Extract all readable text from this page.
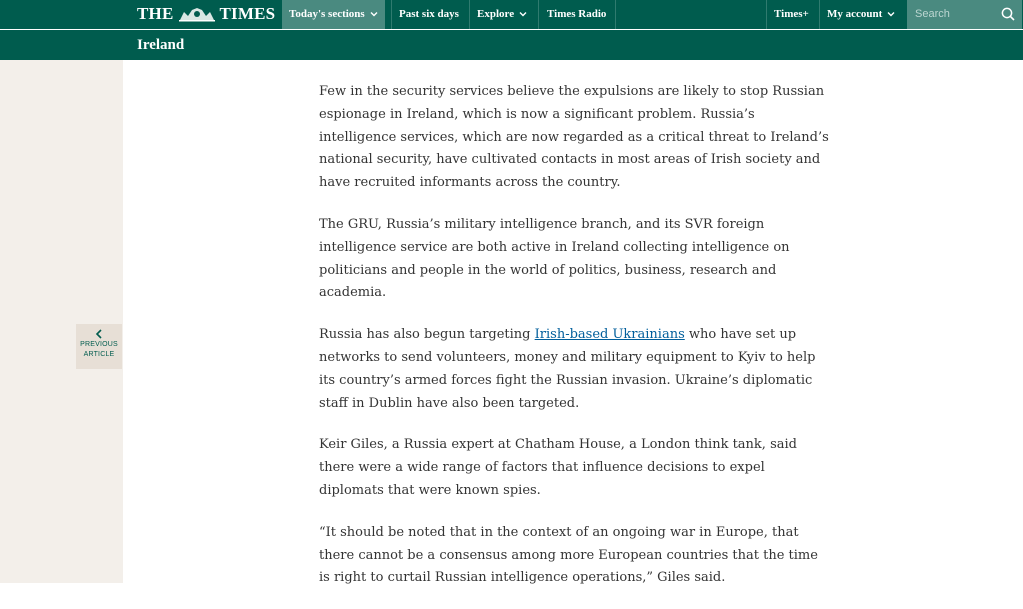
THE	TIMES	Today's sections	Past six days Explore	Times Radio	Times+ My account
Search
Ireland
PREVIOUS
ARTICLE

Few in the security services believe the expulsions are likely to stop Russian espionage in Ireland, which is now a significant problem. Russia’s intelligence services, which are now regarded as a critical threat to Ireland’s national security, have cultivated contacts in most areas of Irish society and have recruited informants across the country.

The GRU, Russia’s military intelligence branch, and its SVR foreign intelligence service are both active in Ireland collecting intelligence on politicians and people in the world of politics, business, research and academia.

Russia has also begun targeting Irish-based Ukrainians who have set up networks to send volunteers, money and military equipment to Kyiv to help its country’s armed forces fight the Russian invasion. Ukraine’s diplomatic staff in Dublin have also been targeted.

Keir Giles, a Russia expert at Chatham House, a London think tank, said there were a wide range of factors that influence decisions to expel diplomats that were known spies.

“It should be noted that in the context of an ongoing war in Europe, that there cannot be a consensus among more European countries that the time is right to curtail Russian intelligence operations,” Giles said.
